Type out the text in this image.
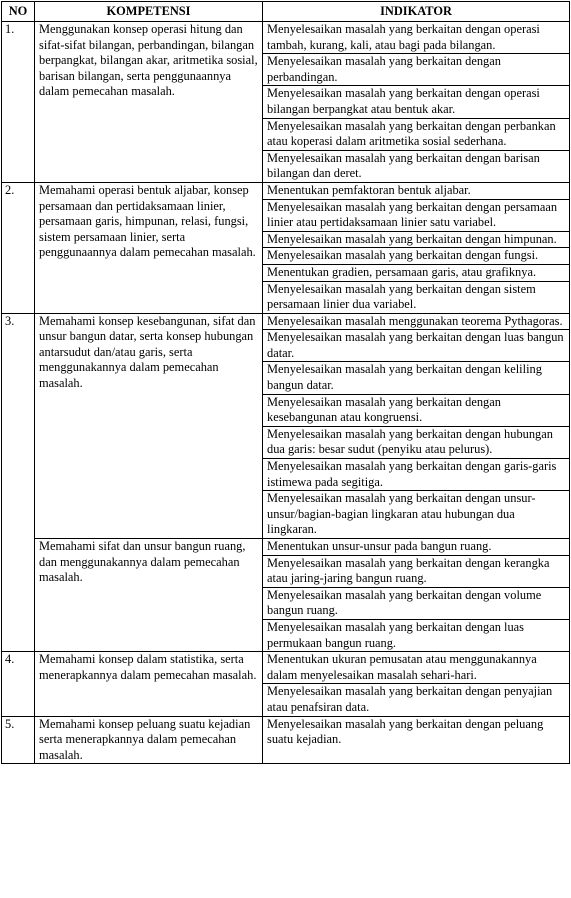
NO	KOMPETENSI	INDIKATOR
1.	Menggunakan konsep operasi hitung dan sifat-sifat bilangan, perbandingan, bilangan berpangkat, bilangan akar, aritmetika sosial, barisan bilangan, serta penggunaannya dalam pemecahan masalah.	Menyelesaikan masalah yang berkaitan dengan operasi tambah, kurang, kali, atau bagi pada bilangan.
		Menyelesaikan masalah yang berkaitan dengan perbandingan.
		Menyelesaikan masalah yang berkaitan dengan operasi bilangan berpangkat atau bentuk akar.
		Menyelesaikan masalah yang berkaitan dengan perbankan atau koperasi dalam aritmetika sosial sederhana.
		Menyelesaikan masalah yang berkaitan dengan barisan bilangan dan deret.
2.	Memahami operasi bentuk aljabar, konsep persamaan dan pertidaksamaan linier, persamaan garis, himpunan, relasi, fungsi, sistem persamaan linier, serta penggunaannya dalam pemecahan masalah.	Menentukan pemfaktoran bentuk aljabar.
		Menyelesaikan masalah yang berkaitan dengan persamaan linier atau pertidaksamaan linier satu variabel.
		Menyelesaikan masalah yang berkaitan dengan himpunan.
		Menyelesaikan masalah yang berkaitan dengan fungsi.
		Menentukan gradien, persamaan garis, atau grafiknya.
		Menyelesaikan masalah yang berkaitan dengan sistem persamaan linier dua variabel.
3.	Memahami konsep kesebangunan, sifat dan unsur bangun datar, serta konsep hubungan antarsudut dan/atau garis, serta menggunakannya dalam pemecahan masalah.	Menyelesaikan masalah menggunakan teorema Pythagoras.
		Menyelesaikan masalah yang berkaitan dengan luas bangun datar.
		Menyelesaikan masalah yang berkaitan dengan keliling bangun datar.
		Menyelesaikan masalah yang berkaitan dengan kesebangunan atau kongruensi.
		Menyelesaikan masalah yang berkaitan dengan hubungan dua garis: besar sudut (penyiku atau pelurus).
		Menyelesaikan masalah yang berkaitan dengan garis-garis istimewa pada segitiga.
		Menyelesaikan masalah yang berkaitan dengan unsur-unsur/bagian-bagian lingkaran atau hubungan dua lingkaran.
	Memahami sifat dan unsur bangun ruang, dan menggunakannya dalam pemecahan masalah.	Menentukan unsur-unsur pada bangun ruang.
		Menyelesaikan masalah yang berkaitan dengan kerangka atau jaring-jaring bangun ruang.
		Menyelesaikan masalah yang berkaitan dengan volume bangun ruang.
		Menyelesaikan masalah yang berkaitan dengan luas permukaan bangun ruang.
4.	Memahami konsep dalam statistika, serta menerapkannya dalam pemecahan masalah.	Menentukan ukuran pemusatan atau menggunakannya dalam menyelesaikan masalah sehari-hari.
		Menyelesaikan masalah yang berkaitan dengan penyajian atau penafsiran data.
5.	Memahami konsep peluang suatu kejadian serta menerapkannya dalam pemecahan masalah.	Menyelesaikan masalah yang berkaitan dengan peluang suatu kejadian.
